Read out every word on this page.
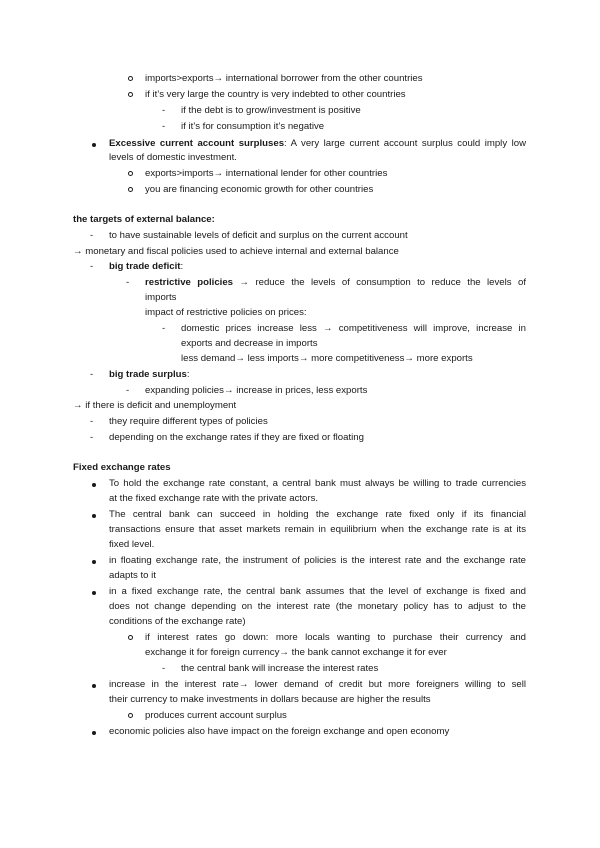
imports>exports→ international borrower from the other countries
if it’s very large the country is very indebted to other countries
- if the debt is to grow/investment is positive
- if it’s for consumption it’s negative
Excessive current account surpluses: A very large current account surplus could imply low
levels of domestic investment.
exports>imports→ international lender for other countries
you are financing economic growth for other countries
the targets of external balance:
- to have sustainable levels of deficit and surplus on the current account
→ monetary and fiscal policies used to achieve internal and external balance
- big trade deficit:
- restrictive policies → reduce the levels of consumption to reduce the levels of
imports
impact of restrictive policies on prices:
- domestic prices increase less → competitiveness will improve, increase in
exports and decrease in imports
less demand→ less imports→ more competitiveness→ more exports
- big trade surplus:
- expanding policies→ increase in prices, less exports
→ if there is deficit and unemployment
- they require different types of policies
- depending on the exchange rates if they are fixed or floating
Fixed exchange rates
To hold the exchange rate constant, a central bank must always be willing to trade currencies
at the fixed exchange rate with the private actors.
The central bank can succeed in holding the exchange rate fixed only if its financial
transactions ensure that asset markets remain in equilibrium when the exchange rate is at its
fixed level.
in floating exchange rate, the instrument of policies is the interest rate and the exchange rate
adapts to it
in a fixed exchange rate, the central bank assumes that the level of exchange is fixed and
does not change depending on the interest rate (the monetary policy has to adjust to the
conditions of the exchange rate)
if interest rates go down: more locals wanting to purchase their currency and
exchange it for foreign currency→ the bank cannot exchange it for ever
- the central bank will increase the interest rates
increase in the interest rate→ lower demand of credit but more foreigners willing to sell
their currency to make investments in dollars because are higher the results
produces current account surplus
economic policies also have impact on the foreign exchange and open economy
